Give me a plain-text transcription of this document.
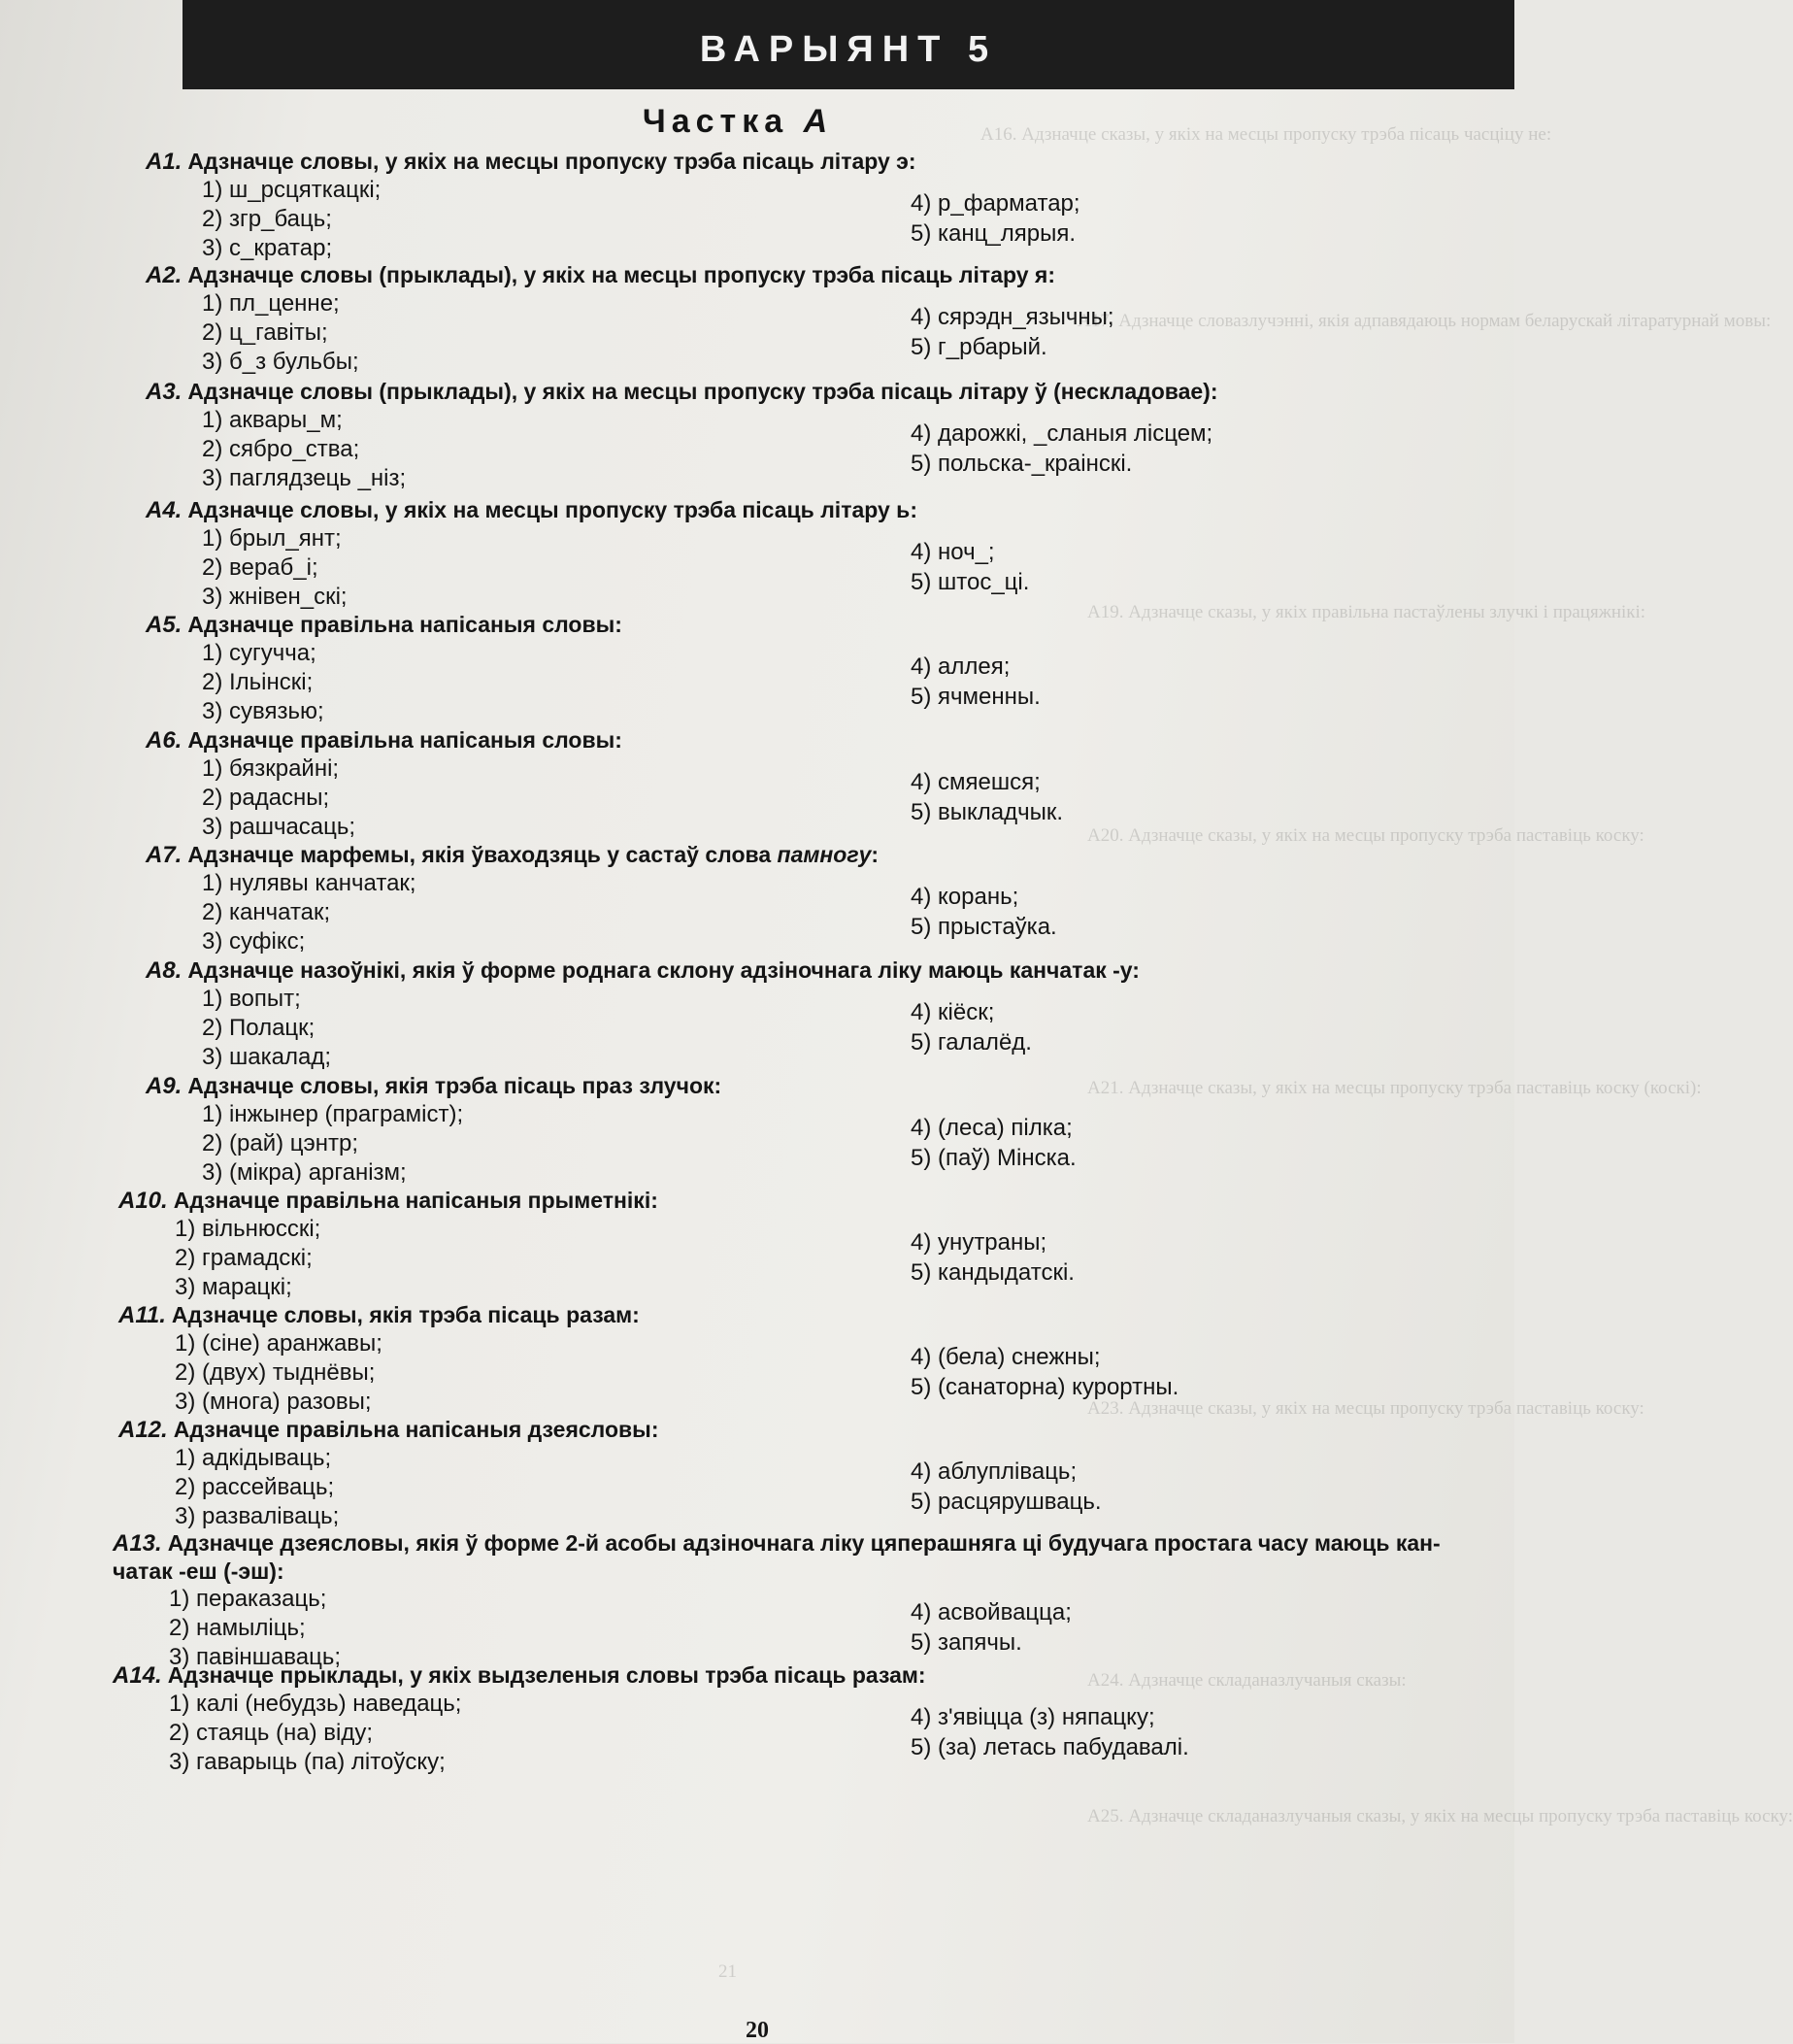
А16. Адзначце сказы, у якіх на месцы пропуску трэба пісаць часціцу не:
А17. Адзначце словазлучэнні, якія адпавядаюць нормам беларускай літаратурнай мовы:
А19. Адзначце сказы, у якіх правільна пастаўлены злучкі і працяжнікі:
А20. Адзначце сказы, у якіх на месцы пропуску трэба паставіць коску:
А21. Адзначце сказы, у якіх на месцы пропуску трэба паставіць коску (коскі):
А23. Адзначце сказы, у якіх на месцы пропуску трэба паставіць коску:
А24. Адзначце складаназлучаныя сказы:
А25. Адзначце складаназлучаныя сказы, у якіх на месцы пропуску трэба паставіць коску:
21
ВАРЫЯНТ 5
Частка А
А1. Адзначце словы, у якіх на месцы пропуску трэба пісаць літару э:
1) ш_рсцяткацкі;
2) згр_баць;
3) с_кратар;
4) р_фарматар;
5) канц_лярыя.
А2. Адзначце словы (прыклады), у якіх на месцы пропуску трэба пісаць літару я:
1) пл_ценне;
2) ц_гавіты;
3) б_з бульбы;
4) сярэдн_язычны;
5) г_рбарый.
А3. Адзначце словы (прыклады), у якіх на месцы пропуску трэба пісаць літару ў (нескладовае):
1) аквары_м;
2) сябро_ства;
3) паглядзець _ніз;
4) дарожкі, _сланыя лісцем;
5) польска-_краінскі.
А4. Адзначце словы, у якіх на месцы пропуску трэба пісаць літару ь:
1) брыл_янт;
2) вераб_і;
3) жнівен_скі;
4) ноч_;
5) штос_ці.
А5. Адзначце правільна напісаныя словы:
1) сугучча;
2) Ільінскі;
3) сувязью;
4) аллея;
5) ячменны.
А6. Адзначце правільна напісаныя словы:
1) бязкрайні;
2) радасны;
3) рашчасаць;
4) смяешся;
5) выкладчык.
А7. Адзначце марфемы, якія ўваходзяць у састаў слова памногу:
1) нулявы канчатак;
2) канчатак;
3) суфікс;
4) корань;
5) прыстаўка.
А8. Адзначце назоўнікі, якія ў форме роднага склону адзіночнага ліку маюць канчатак -у:
1) вопыт;
2) Полацк;
3) шакалад;
4) кіёск;
5) галалёд.
А9. Адзначце словы, якія трэба пісаць праз злучок:
1) інжынер (праграміст);
2) (рай) цэнтр;
3) (мікра) арганізм;
4) (леса) пілка;
5) (паў) Мінска.
А10. Адзначце правільна напісаныя прыметнікі:
1) вільнюсскі;
2) грамадскі;
3) марацкі;
4) унутраны;
5) кандыдатскі.
А11. Адзначце словы, якія трэба пісаць разам:
1) (сіне) аранжавы;
2) (двух) тыднёвы;
3) (многа) разовы;
4) (бела) снежны;
5) (санаторна) курортны.
А12. Адзначце правільна напісаныя дзеясловы:
1) адкідываць;
2) рассейваць;
3) разваліваць;
4) аблупліваць;
5) расцярушваць.
А13. Адзначце дзеясловы, якія ў форме 2-й асобы адзіночнага ліку цяперашняга ці будучага простага часу маюць кан-
чатак -еш (-эш):
1) пераказаць;
2) намыліць;
3) павіншаваць;
4) асвойвацца;
5) запячы.
А14. Адзначце прыклады, у якіх выдзеленыя словы трэба пісаць разам:
1) калі (небудзь) наведаць;
2) стаяць (на) віду;
3) гаварыць (па) літоўску;
4) з'явіцца (з) няпацку;
5) (за) летась пабудавалі.
20
